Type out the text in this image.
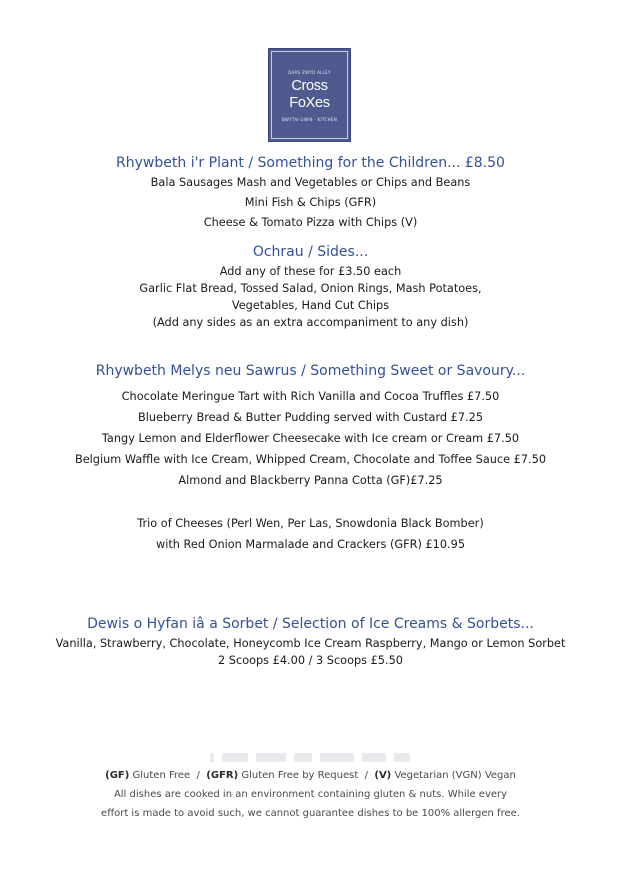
DARS ZWYD ALLEY
Cross
FoXes
BWYTAI GWIN · KITCHEN
Rhywbeth i'r Plant / Something for the Children... £8.50
Bala Sausages Mash and Vegetables or Chips and Beans
Mini Fish & Chips (GFR)
Cheese & Tomato Pizza with Chips (V)
Ochrau / Sides...
Add any of these for £3.50 each
Garlic Flat Bread, Tossed Salad, Onion Rings, Mash Potatoes,
Vegetables, Hand Cut Chips
(Add any sides as an extra accompaniment to any dish)
Rhywbeth Melys neu Sawrus / Something Sweet or Savoury...
Chocolate Meringue Tart with Rich Vanilla and Cocoa Truffles £7.50
Blueberry Bread & Butter Pudding served with Custard £7.25
Tangy Lemon and Elderflower Cheesecake with Ice cream or Cream £7.50
Belgium Waffle with Ice Cream, Whipped Cream, Chocolate and Toffee Sauce £7.50
Almond and Blackberry Panna Cotta (GF)£7.25
Trio of Cheeses (Perl Wen, Per Las, Snowdonia Black Bomber)
with Red Onion Marmalade and Crackers (GFR) £10.95
Dewis o Hyfan iâ a Sorbet / Selection of Ice Creams & Sorbets...
Vanilla, Strawberry, Chocolate, Honeycomb Ice Cream Raspberry, Mango or Lemon Sorbet
2 Scoops £4.00 / 3 Scoops £5.50
(GF) Gluten Free / (GFR) Gluten Free by Request / (V) Vegetarian (VGN) Vegan
All dishes are cooked in an environment containing gluten & nuts. While every
effort is made to avoid such, we cannot guarantee dishes to be 100% allergen free.
